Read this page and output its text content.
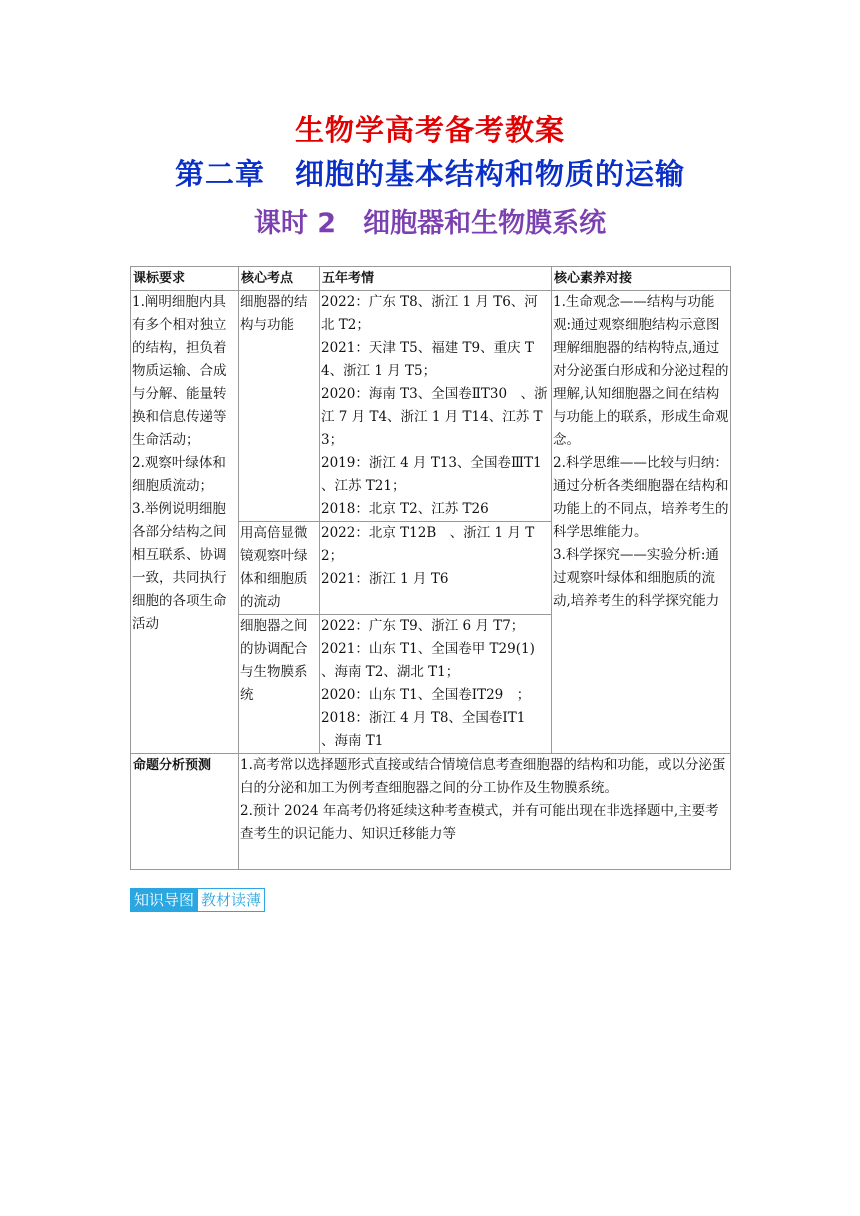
生物学高考备考教案
第二章　细胞的基本结构和物质的运输
课时 2　细胞器和生物膜系统
课标要求	核心考点	五年考情	核心素养对接
1.阐明细胞内具有多个相对独立的结构，担负着物质运输、合成与分解、能量转换和信息传递等生命活动；
2.观察叶绿体和细胞质流动；
3.举例说明细胞各部分结构之间相互联系、协调一致，共同执行细胞的各项生命活动	细胞器的结构与功能	2022：广东 T8、浙江 1 月 T6、河北 T2；
2021：天津 T5、福建 T9、重庆 T4、浙江 1 月 T5；
2020：海南 T3、全国卷ⅡT30　、浙江 7 月 T4、浙江 1 月 T14、江苏 T3；
2019：浙江 4 月 T13、全国卷ⅢT1　、江苏 T21；
2018：北京 T2、江苏 T26	1.生命观念——结构与功能观:通过观察细胞结构示意图理解细胞器的结构特点,通过对分泌蛋白形成和分泌过程的理解,认知细胞器之间在结构与功能上的联系，形成生命观念。
2.科学思维——比较与归纳：通过分析各类细胞器在结构和功能上的不同点，培养考生的科学思维能力。
3.科学探究——实验分析:通过观察叶绿体和细胞质的流动,培养考生的科学探究能力
	用高倍显微镜观察叶绿体和细胞质的流动	2022：北京 T12B　、浙江 1 月 T2；
2021：浙江 1 月 T6	
	细胞器之间的协调配合与生物膜系统	2022：广东 T9、浙江 6 月 T7；
2021：山东 T1、全国卷甲 T29(1)　、海南 T2、湖北 T1；
2020：山东 T1、全国卷ⅠT29　；
2018：浙江 4 月 T8、全国卷ⅠT1　、海南 T1	
命题分析预测	1.高考常以选择题形式直接或结合情境信息考查细胞器的结构和功能，或以分泌蛋白的分泌和加工为例考查细胞器之间的分工协作及生物膜系统。
2.预计 2024 年高考仍将延续这种考查模式，并有可能出现在非选择题中,主要考查考生的识记能力、知识迁移能力等		
知识导图 教材读薄
